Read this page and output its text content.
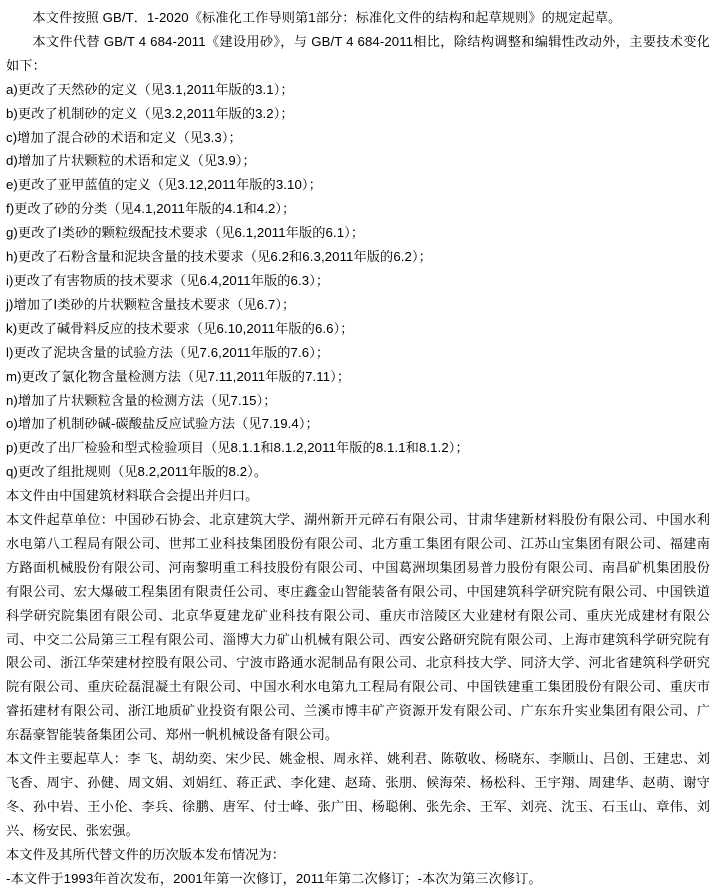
本文件按照 GB/T．1-2020《标准化工作导则第1部分：标准化文件的结构和起草规则》的规定起草。

本文件代替 GB/T 4 684-2011《建设用砂》，与 GB/T 4 684-2011相比，除结构调整和编辑性改动外，主要技术变化如下：

a)更改了天然砂的定义（见3.1,2011年版的3.1）；

b)更改了机制砂的定义（见3.2,2011年版的3.2）；

c)增加了混合砂的术语和定义（见3.3）；

d)增加了片状颗粒的术语和定义（见3.9）；

e)更改了亚甲蓝值的定义（见3.12,2011年版的3.10）；

f)更改了砂的分类（见4.1,2011年版的4.1和4.2）；

g)更改了Ⅰ类砂的颗粒级配技术要求（见6.1,2011年版的6.1）；

h)更改了石粉含量和泥块含量的技术要求（见6.2和6.3,2011年版的6.2）；

i)更改了有害物质的技术要求（见6.4,2011年版的6.3）；

j)增加了Ⅰ类砂的片状颗粒含量技术要求（见6.7）；

k)更改了碱骨料反应的技术要求（见6.10,2011年版的6.6）；

l)更改了泥块含量的试验方法（见7.6,2011年版的7.6）；

m)更改了氯化物含量检测方法（见7.11,2011年版的7.11）；

n)增加了片状颗粒含量的检测方法（见7.15）；

o)增加了机制砂碱-碳酸盐反应试验方法（见7.19.4）；

p)更改了出厂检验和型式检验项目（见8.1.1和8.1.2,2011年版的8.1.1和8.1.2）；

q)更改了组批规则（见8.2,2011年版的8.2）。

本文件由中国建筑材料联合会提出并归口。

本文件起草单位：中国砂石协会、北京建筑大学、湖州新开元碎石有限公司、甘肃华建新材料股份有限公司、中国水利水电第八工程局有限公司、世邦工业科技集团股份有限公司、北方重工集团有限公司、江苏山宝集团有限公司、福建南方路面机械股份有限公司、河南黎明重工科技股份有限公司、中国葛洲坝集团易普力股份有限公司、南昌矿机集团股份有限公司、宏大爆破工程集团有限责任公司、枣庄鑫金山智能装备有限公司、中国建筑科学研究院有限公司、中国铁道科学研究院集团有限公司、北京华夏建龙矿业科技有限公司、重庆市涪陵区大业建材有限公司、重庆光成建材有限公司、中交二公局第三工程有限公司、淄博大力矿山机械有限公司、西安公路研究院有限公司、上海市建筑科学研究院有限公司、浙江华荣建材控股有限公司、宁波市路通水泥制品有限公司、北京科技大学、同济大学、河北省建筑科学研究院有限公司、重庆砼磊混凝土有限公司、中国水利水电第九工程局有限公司、中国铁建重工集团股份有限公司、重庆市睿拓建材有限公司、浙江地质矿业投资有限公司、兰溪市博丰矿产资源开发有限公司、广东东升实业集团有限公司、广东磊豪智能装备集团公司、郑州一帆机械设备有限公司。

本文件主要起草人：李 飞、胡幼奕、宋少民、姚金根、周永祥、姚利君、陈敬收、杨晓东、李顺山、吕创、王建忠、刘飞香、周宇、孙健、周文娟、刘娟红、蒋正武、李化建、赵琦、张朋、候海荣、杨松科、王宇翔、周建华、赵萌、谢守冬、孙中岩、王小伦、李兵、徐鹏、唐军、付士峰、张广田、杨聪俐、张先余、王军、刘亮、沈玉、石玉山、章伟、刘兴、杨安民、张宏强。

本文件及其所代替文件的历次版本发布情况为：

-本文件于1993年首次发布，2001年第一次修订，2011年第二次修订；-本次为第三次修订。
